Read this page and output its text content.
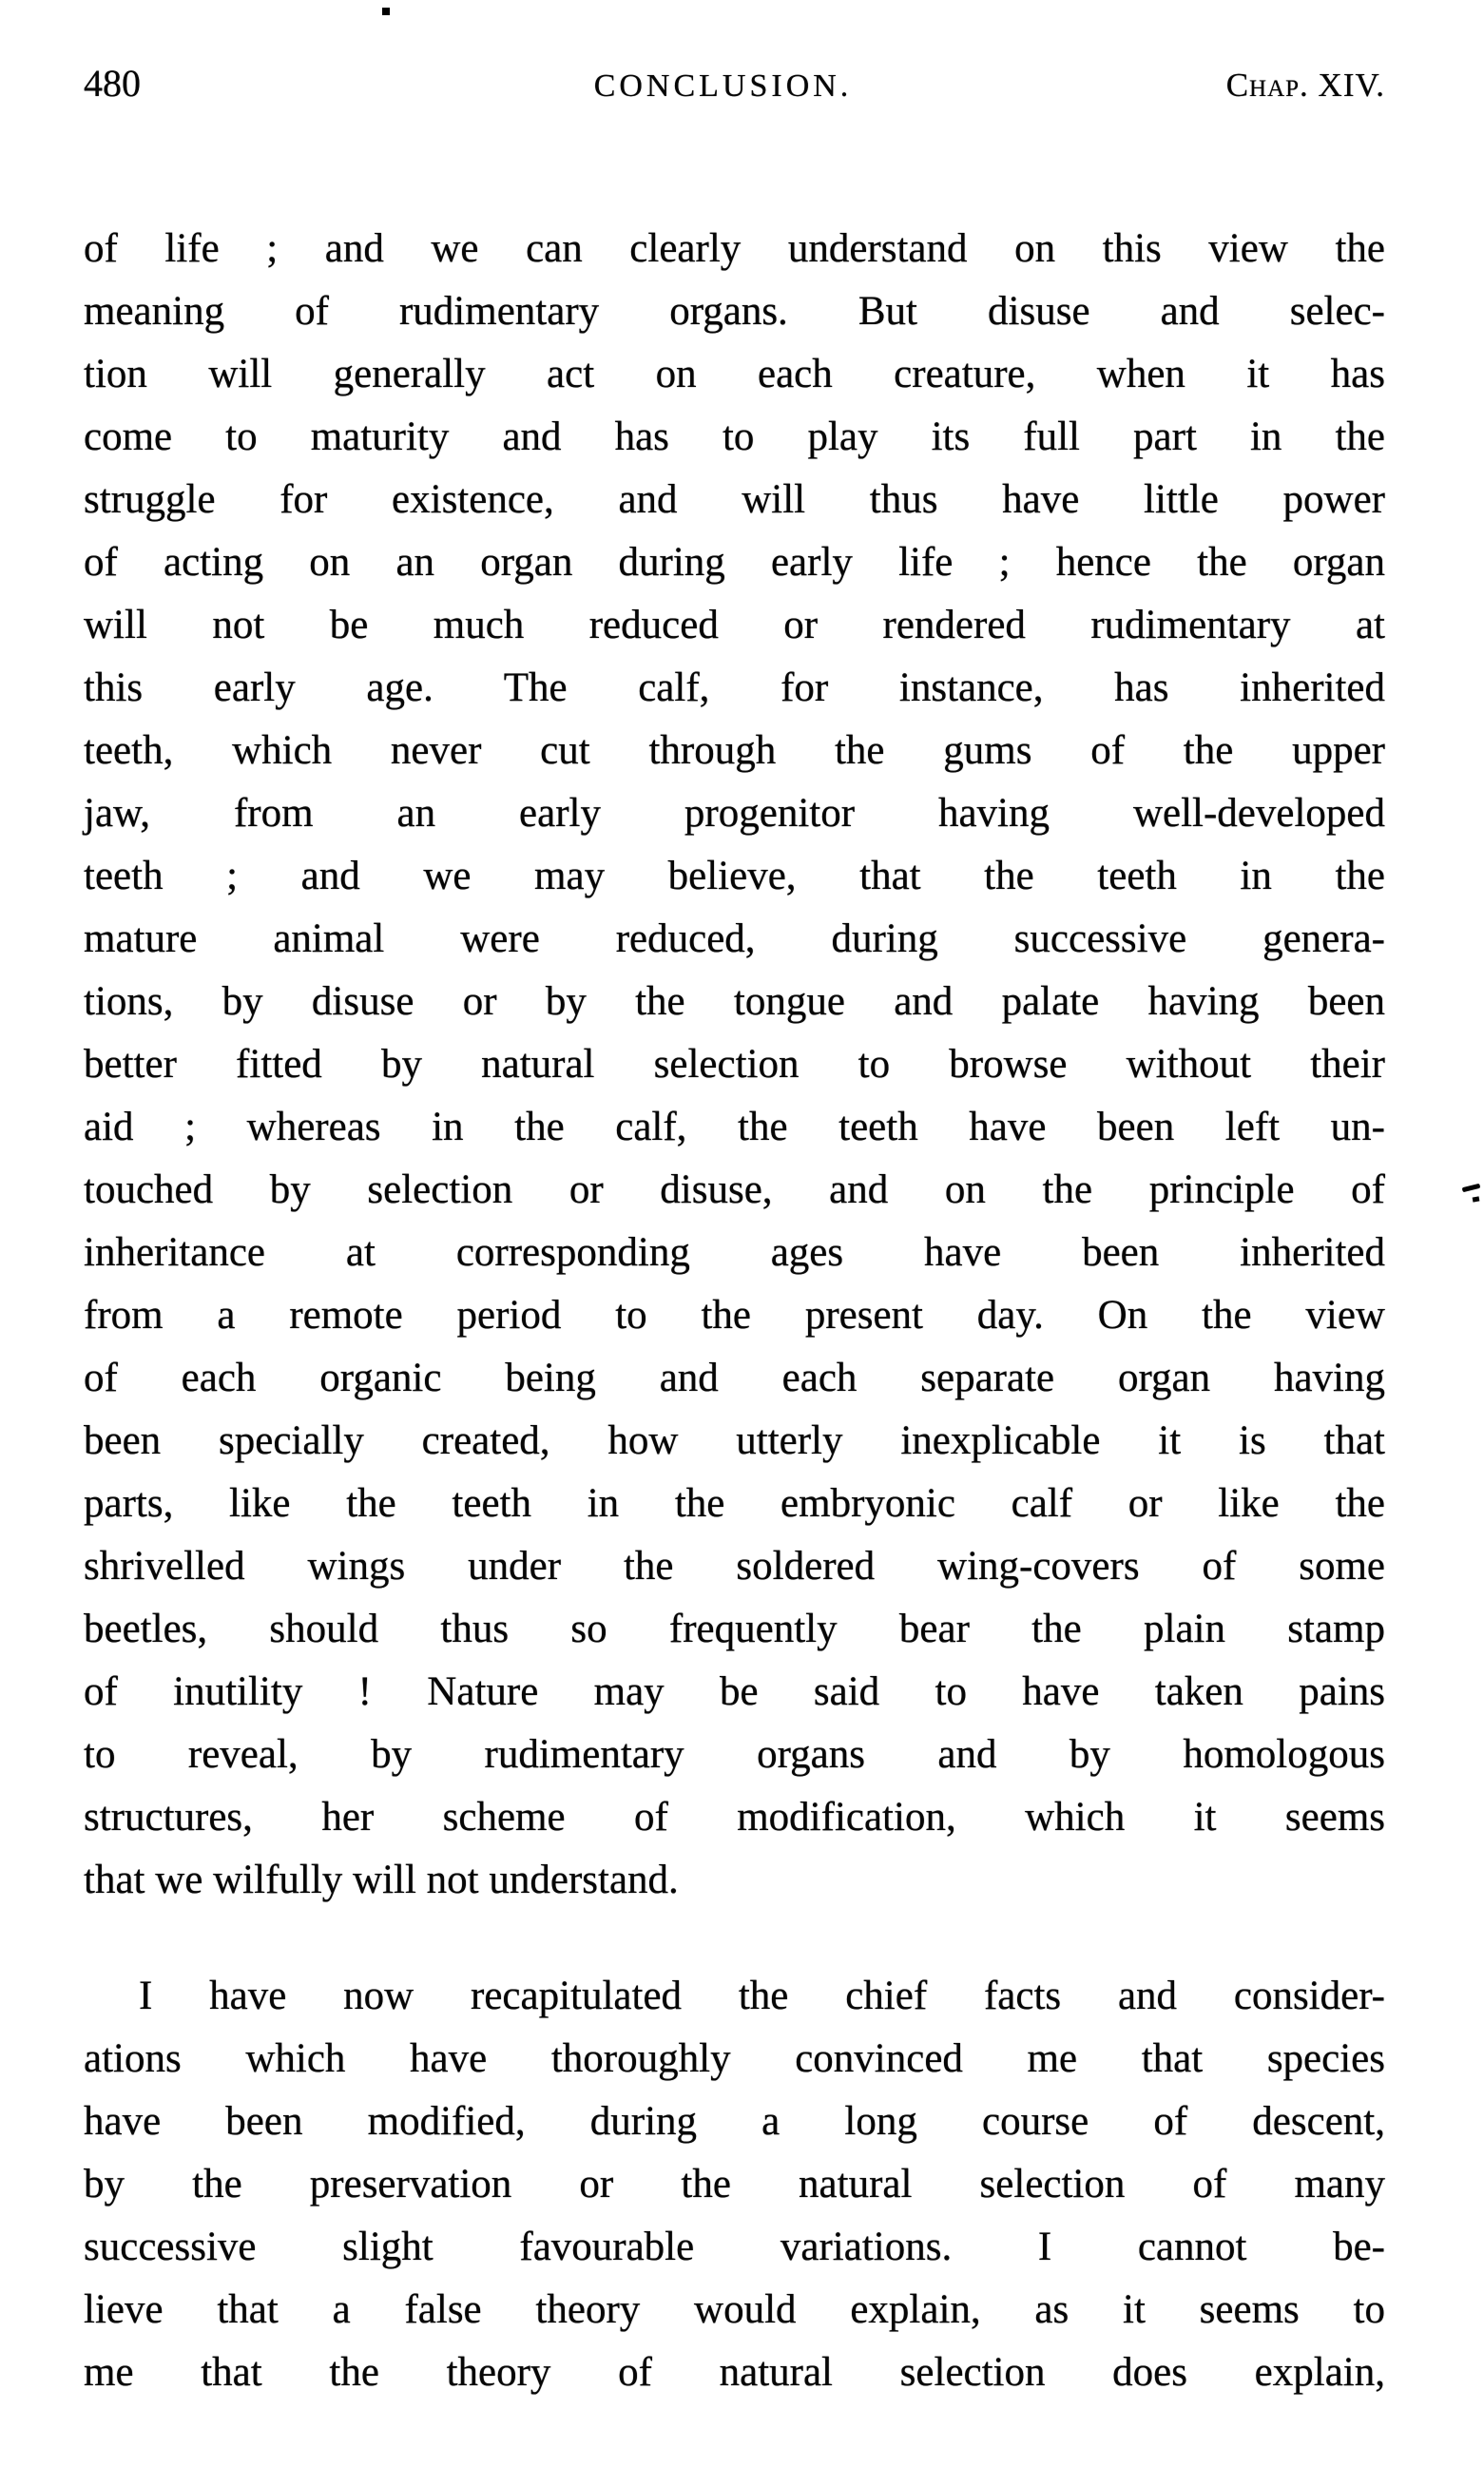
480	CONCLUSION.	Chap. XIV.
of life ; and we can clearly understand on this view the
meaning of rudimentary organs. But disuse and selec-
tion will generally act on each creature, when it has
come to maturity and has to play its full part in the
struggle for existence, and will thus have little power
of acting on an organ during early life ; hence the organ
will not be much reduced or rendered rudimentary at
this early age. The calf, for instance, has inherited
teeth, which never cut through the gums of the upper
jaw, from an early progenitor having well-developed
teeth ; and we may believe, that the teeth in the
mature animal were reduced, during successive genera-
tions, by disuse or by the tongue and palate having been
better fitted by natural selection to browse without their
aid ; whereas in the calf, the teeth have been left un-
touched by selection or disuse, and on the principle of
inheritance at corresponding ages have been inherited
from a remote period to the present day. On the view
of each organic being and each separate organ having
been specially created, how utterly inexplicable it is that
parts, like the teeth in the embryonic calf or like the
shrivelled wings under the soldered wing-covers of some
beetles, should thus so frequently bear the plain stamp
of inutility ! Nature may be said to have taken pains
to reveal, by rudimentary organs and by homologous
structures, her scheme of modification, which it seems
that we wilfully will not understand.
I have now recapitulated the chief facts and consider-
ations which have thoroughly convinced me that species
have been modified, during a long course of descent,
by the preservation or the natural selection of many
successive slight favourable variations. I cannot be-
lieve that a false theory would explain, as it seems to
me that the theory of natural selection does explain,
